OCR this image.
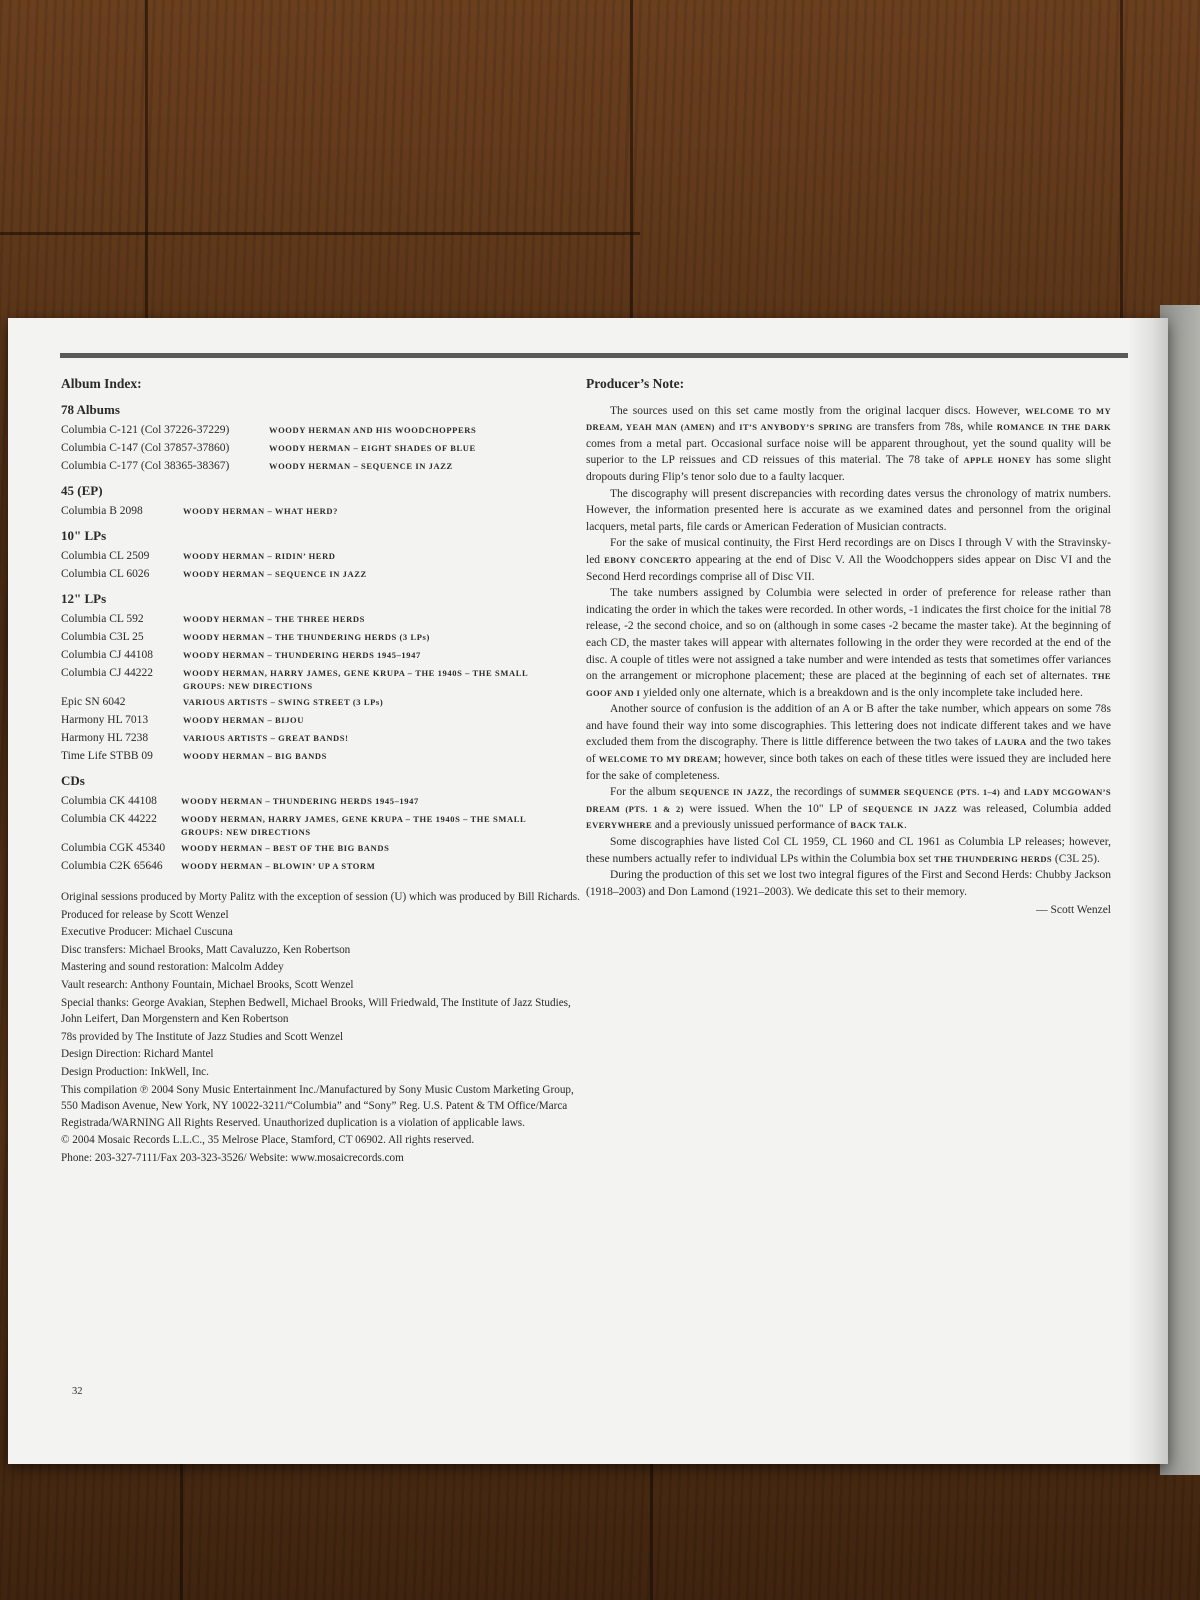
Album Index:
78 Albums
Columbia C-121 (Col 37226-37229)	WOODY HERMAN AND HIS WOODCHOPPERS
Columbia C-147 (Col 37857-37860)	WOODY HERMAN – EIGHT SHADES OF BLUE
Columbia C-177 (Col 38365-38367)	WOODY HERMAN – SEQUENCE IN JAZZ
45 (EP)
Columbia B 2098	WOODY HERMAN – WHAT HERD?
10" LPs
Columbia CL 2509	WOODY HERMAN – RIDIN’ HERD
Columbia CL 6026	WOODY HERMAN – SEQUENCE IN JAZZ
12" LPs
Columbia CL 592	WOODY HERMAN – THE THREE HERDS
Columbia C3L 25	WOODY HERMAN – THE THUNDERING HERDS (3 LPs)
Columbia CJ 44108	WOODY HERMAN – THUNDERING HERDS 1945–1947
Columbia CJ 44222	WOODY HERMAN, HARRY JAMES, GENE KRUPA – THE 1940S – THE SMALL GROUPS: NEW DIRECTIONS
Epic SN 6042	VARIOUS ARTISTS – SWING STREET (3 LPs)
Harmony HL 7013	WOODY HERMAN – BIJOU
Harmony HL 7238	VARIOUS ARTISTS – GREAT BANDS!
Time Life STBB 09	WOODY HERMAN – BIG BANDS
CDs
Columbia CK 44108	WOODY HERMAN – THUNDERING HERDS 1945–1947
Columbia CK 44222	WOODY HERMAN, HARRY JAMES, GENE KRUPA – THE 1940S – THE SMALL GROUPS: NEW DIRECTIONS
Columbia CGK 45340	WOODY HERMAN – BEST OF THE BIG BANDS
Columbia C2K 65646	WOODY HERMAN – BLOWIN’ UP A STORM

Original sessions produced by Morty Palitz with the exception of session (U) which was produced by Bill Richards.

Produced for release by Scott Wenzel

Executive Producer: Michael Cuscuna

Disc transfers: Michael Brooks, Matt Cavaluzzo, Ken Robertson

Mastering and sound restoration: Malcolm Addey

Vault research: Anthony Fountain, Michael Brooks, Scott Wenzel

Special thanks: George Avakian, Stephen Bedwell, Michael Brooks, Will Friedwald, The Institute of Jazz Studies, John Leifert, Dan Morgenstern and Ken Robertson

78s provided by The Institute of Jazz Studies and Scott Wenzel

Design Direction: Richard Mantel

Design Production: InkWell, Inc.

This compilation ℗ 2004 Sony Music Entertainment Inc./Manufactured by Sony Music Custom Marketing Group, 550 Madison Avenue, New York, NY 10022-3211/“Columbia” and “Sony” Reg. U.S. Patent & TM Office/Marca Registrada/WARNING All Rights Reserved. Unauthorized duplication is a violation of applicable laws.

© 2004 Mosaic Records L.L.C., 35 Melrose Place, Stamford, CT 06902. All rights reserved.

Phone: 203-327-7111/Fax 203-323-3526/ Website: www.mosaicrecords.com

32
Producer’s Note:

The sources used on this set came mostly from the original lacquer discs. However, WELCOME TO MY DREAM, YEAH MAN (AMEN) and IT’S ANYBODY’S SPRING are transfers from 78s, while ROMANCE IN THE DARK comes from a metal part. Occasional surface noise will be apparent throughout, yet the sound quality will be superior to the LP reissues and CD reissues of this material. The 78 take of APPLE HONEY has some slight dropouts during Flip’s tenor solo due to a faulty lacquer.

The discography will present discrepancies with recording dates versus the chronology of matrix numbers. However, the information presented here is accurate as we examined dates and personnel from the original lacquers, metal parts, file cards or American Federation of Musician contracts.

For the sake of musical continuity, the First Herd recordings are on Discs I through V with the Stravinsky-led EBONY CONCERTO appearing at the end of Disc V. All the Woodchoppers sides appear on Disc VI and the Second Herd recordings comprise all of Disc VII.

The take numbers assigned by Columbia were selected in order of preference for release rather than indicating the order in which the takes were recorded. In other words, -1 indicates the first choice for the initial 78 release, -2 the second choice, and so on (although in some cases -2 became the master take). At the beginning of each CD, the master takes will appear with alternates following in the order they were recorded at the end of the disc. A couple of titles were not assigned a take number and were intended as tests that sometimes offer variances on the arrangement or microphone placement; these are placed at the beginning of each set of alternates. THE GOOF AND I yielded only one alternate, which is a breakdown and is the only incomplete take included here.

Another source of confusion is the addition of an A or B after the take number, which appears on some 78s and have found their way into some discographies. This lettering does not indicate different takes and we have excluded them from the discography. There is little difference between the two takes of LAURA and the two takes of WELCOME TO MY DREAM; however, since both takes on each of these titles were issued they are included here for the sake of completeness.

For the album SEQUENCE IN JAZZ, the recordings of SUMMER SEQUENCE (PTS. 1–4) and LADY MCGOWAN’S DREAM (PTS. 1 & 2) were issued. When the 10" LP of SEQUENCE IN JAZZ was released, Columbia added EVERYWHERE and a previously unissued performance of BACK TALK.

Some discographies have listed Col CL 1959, CL 1960 and CL 1961 as Columbia LP releases; however, these numbers actually refer to individual LPs within the Columbia box set THE THUNDERING HERDS (C3L 25).

During the production of this set we lost two integral figures of the First and Second Herds: Chubby Jackson (1918–2003) and Don Lamond (1921–2003). We dedicate this set to their memory.

— Scott Wenzel
